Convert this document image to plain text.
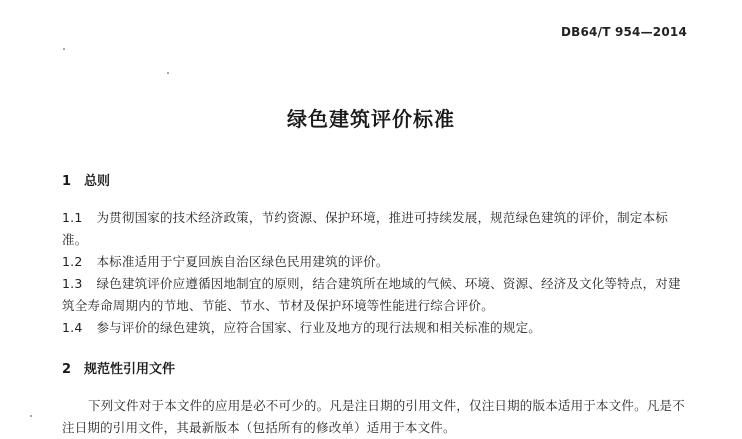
DB64/T 954—2014
绿色建筑评价标准
1 总则
1.1 为贯彻国家的技术经济政策，节约资源、保护环境，推进可持续发展，规范绿色建筑的评价，制定本标准。
1.2 本标准适用于宁夏回族自治区绿色民用建筑的评价。
1.3 绿色建筑评价应遵循因地制宜的原则，结合建筑所在地域的气候、环境、资源、经济及文化等特点，对建筑全寿命周期内的节地、节能、节水、节材及保护环境等性能进行综合评价。
1.4 参与评价的绿色建筑，应符合国家、行业及地方的现行法规和相关标准的规定。
2 规范性引用文件
下列文件对于本文件的应用是必不可少的。凡是注日期的引用文件，仅注日期的版本适用于本文件。凡是不注日期的引用文件，其最新版本（包括所有的修改单）适用于本文件。
